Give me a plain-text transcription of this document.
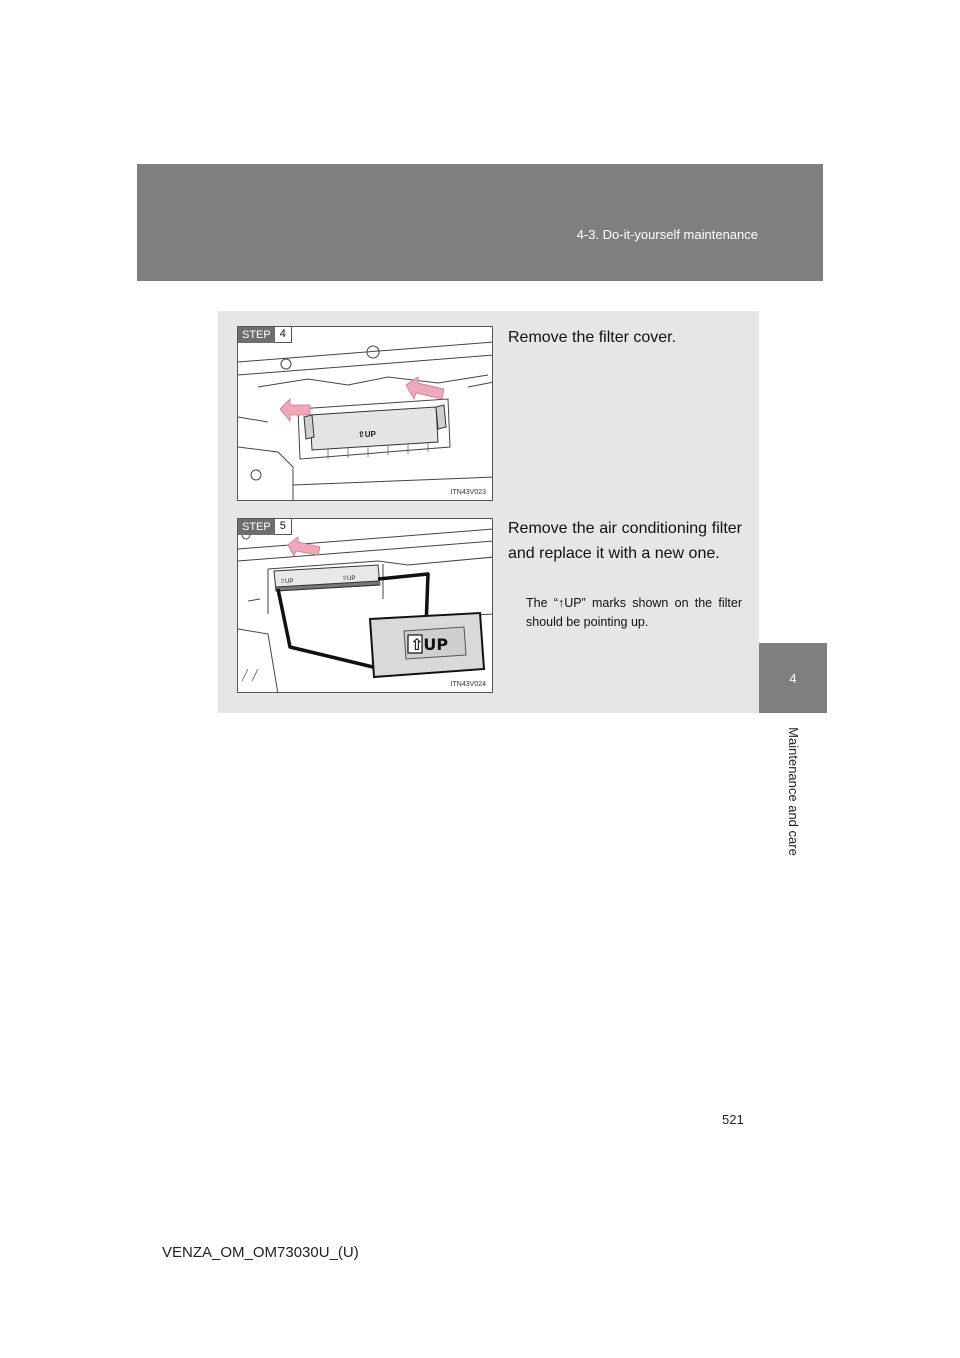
4-3. Do-it-yourself maintenance
4
Maintenance and care
STEP 4
⇧UP
ITN43V023
Remove the filter cover.
STEP 5
⇧UP	⇧UP
⇧UP
ITN43V024
Remove the air conditioning filter and replace it with a new one.
The “↑UP” marks shown on the filter should be pointing up.
521
VENZA_OM_OM73030U_(U)
